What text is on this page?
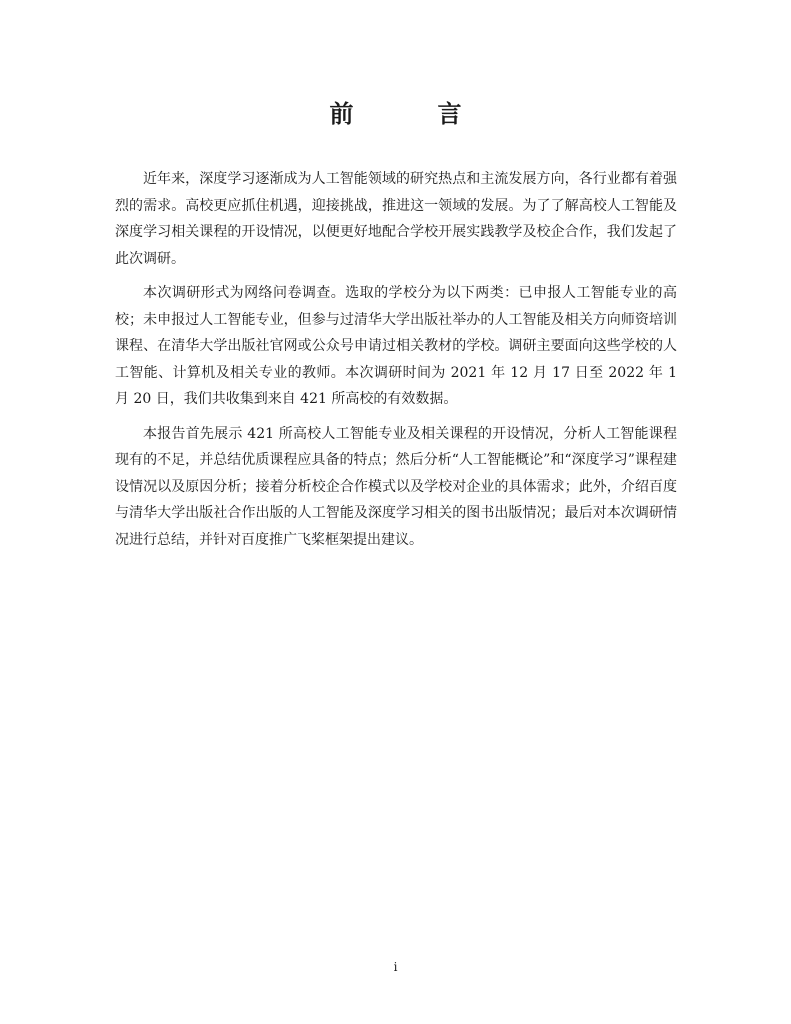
前　言

近年来，深度学习逐渐成为人工智能领域的研究热点和主流发展方向，各行业都有着强烈的需求。高校更应抓住机遇，迎接挑战，推进这一领域的发展。为了了解高校人工智能及深度学习相关课程的开设情况，以便更好地配合学校开展实践教学及校企合作，我们发起了此次调研。

本次调研形式为网络问卷调查。选取的学校分为以下两类：已申报人工智能专业的高校；未申报过人工智能专业，但参与过清华大学出版社举办的人工智能及相关方向师资培训课程、在清华大学出版社官网或公众号申请过相关教材的学校。调研主要面向这些学校的人工智能、计算机及相关专业的教师。本次调研时间为 2021 年 12 月 17 日至 2022 年 1 月 20 日，我们共收集到来自 421 所高校的有效数据。

本报告首先展示 421 所高校人工智能专业及相关课程的开设情况，分析人工智能课程现有的不足，并总结优质课程应具备的特点；然后分析“人工智能概论”和“深度学习”课程建设情况以及原因分析；接着分析校企合作模式以及学校对企业的具体需求；此外，介绍百度与清华大学出版社合作出版的人工智能及深度学习相关的图书出版情况；最后对本次调研情况进行总结，并针对百度推广飞桨框架提出建议。

i
